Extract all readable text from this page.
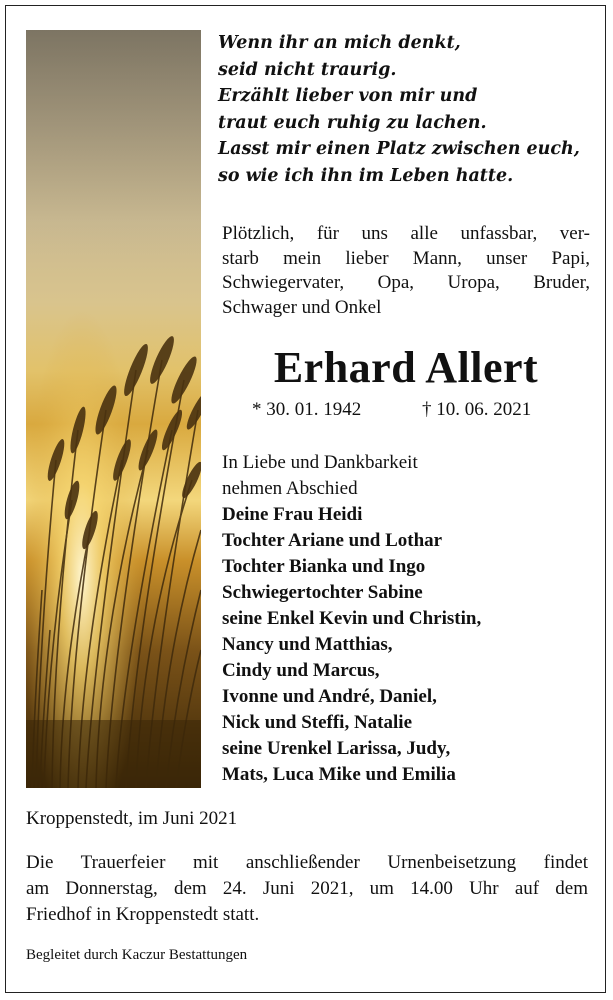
Wenn ihr an mich denkt,
seid nicht traurig.
Erzählt lieber von mir und
traut euch ruhig zu lachen.
Lasst mir einen Platz zwischen euch,
so wie ich ihn im Leben hatte.
Plötzlich, für uns alle unfassbar, ver-
starb mein lieber Mann, unser Papi,
Schwiegervater, Opa, Uropa, Bruder,
Schwager und Onkel
Erhard Allert
* 30. 01. 1942	† 10. 06. 2021
In Liebe und Dankbarkeit
nehmen Abschied
Deine Frau Heidi
Tochter Ariane und Lothar
Tochter Bianka und Ingo
Schwiegertochter Sabine
seine Enkel Kevin und Christin,
Nancy und Matthias,
Cindy und Marcus,
Ivonne und André, Daniel,
Nick und Steffi, Natalie
seine Urenkel Larissa, Judy,
Mats, Luca Mike und Emilia
Kroppenstedt, im Juni 2021
Die Trauerfeier mit anschließender Urnenbeisetzung findet
am Donnerstag, dem 24. Juni 2021, um 14.00 Uhr auf dem
Friedhof in Kroppenstedt statt.
Begleitet durch Kaczur Bestattungen
